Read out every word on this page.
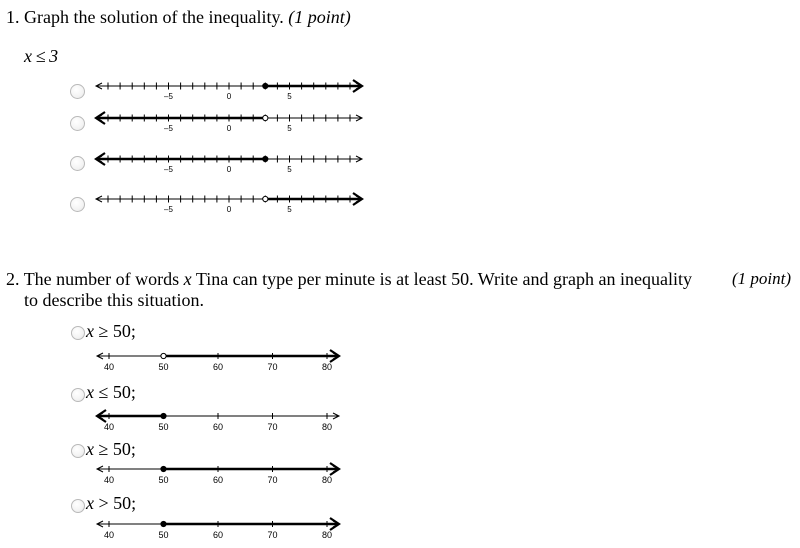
1. Graph the solution of the inequality. (1 point)
x ≤ 3
–5	0	5
–5	0	5
–5	0	5
–5	0	5
2. The number of words x Tina can type per minute is at least 50. Write and graph an inequality (1 point)
to describe this situation.
x ≥ 50;
40	50	60	70	80
x ≤ 50;
40	50	60	70	80
x ≥ 50;
40	50	60	70	80
x > 50;
40	50	60	70	80
